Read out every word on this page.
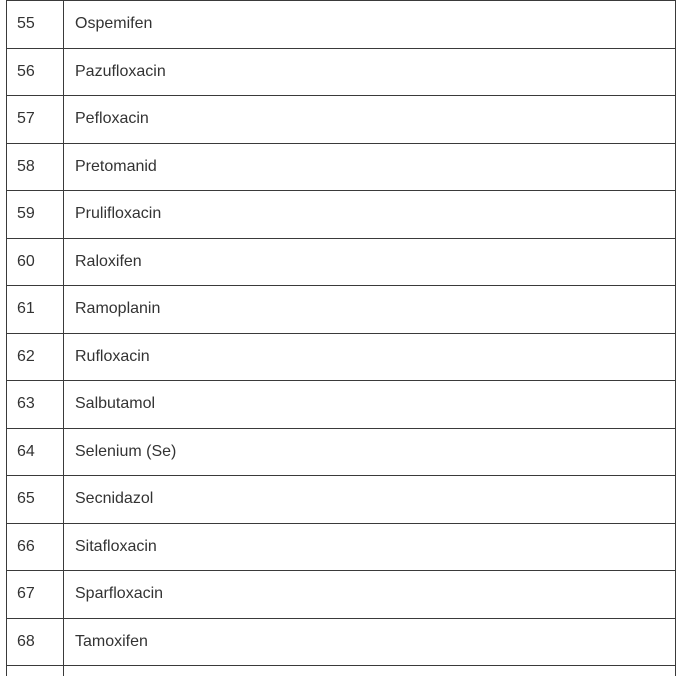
55	Ospemifen
56	Pazufloxacin
57	Pefloxacin
58	Pretomanid
59	Prulifloxacin
60	Raloxifen
61	Ramoplanin
62	Rufloxacin
63	Salbutamol
64	Selenium (Se)
65	Secnidazol
66	Sitafloxacin
67	Sparfloxacin
68	Tamoxifen
